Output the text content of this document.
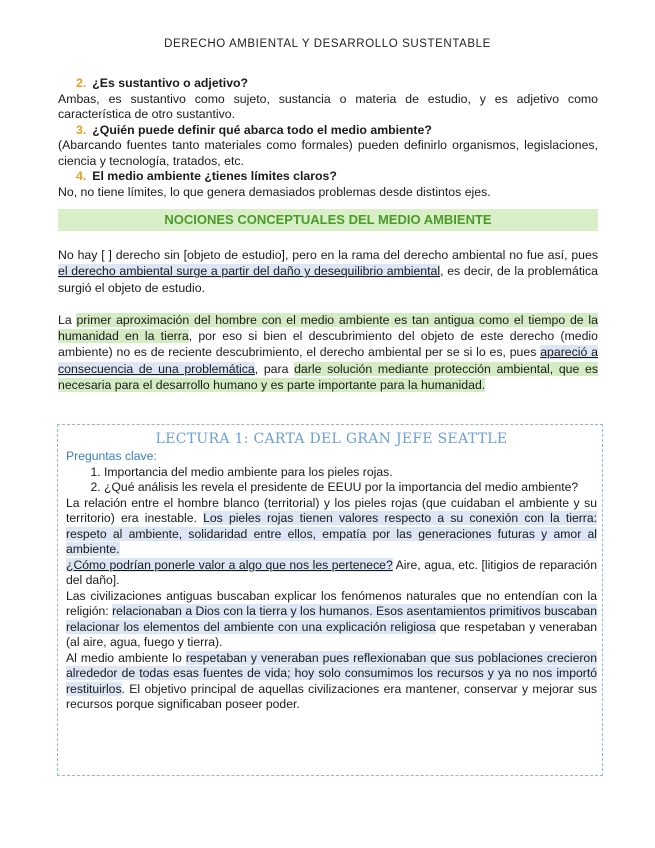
DERECHO AMBIENTAL Y DESARROLLO SUSTENTABLE
2. ¿Es sustantivo o adjetivo?
Ambas, es sustantivo como sujeto, sustancia o materia de estudio, y es adjetivo como característica de otro sustantivo.
3. ¿Quién puede definir qué abarca todo el medio ambiente?
(Abarcando fuentes tanto materiales como formales) pueden definirlo organismos, legislaciones, ciencia y tecnología, tratados, etc.
4. El medio ambiente ¿tienes límites claros?
No, no tiene límites, lo que genera demasiados problemas desde distintos ejes.
NOCIONES CONCEPTUALES DEL MEDIO AMBIENTE
No hay [ ] derecho sin [objeto de estudio], pero en la rama del derecho ambiental no fue así, pues el derecho ambiental surge a partir del daño y desequilibrio ambiental, es decir, de la problemática surgió el objeto de estudio.
La primer aproximación del hombre con el medio ambiente es tan antigua como el tiempo de la humanidad en la tierra, por eso si bien el descubrimiento del objeto de este derecho (medio ambiente) no es de reciente descubrimiento, el derecho ambiental per se si lo es, pues apareció a consecuencia de una problemática, para darle solución mediante protección ambiental, que es necesaria para el desarrollo humano y es parte importante para la humanidad.
LECTURA 1: CARTA DEL GRAN JEFE SEATTLE
Preguntas clave:
1. Importancia del medio ambiente para los pieles rojas.
2. ¿Qué análisis les revela el presidente de EEUU por la importancia del medio ambiente?
La relación entre el hombre blanco (territorial) y los pieles rojas (que cuidaban el ambiente y su territorio) era inestable. Los pieles rojas tienen valores respecto a su conexión con la tierra: respeto al ambiente, solidaridad entre ellos, empatía por las generaciones futuras y amor al ambiente.
¿Cómo podrían ponerle valor a algo que nos les pertenece? Aire, agua, etc. [litigios de reparación del daño].
Las civilizaciones antiguas buscaban explicar los fenómenos naturales que no entendían con la religión: relacionaban a Dios con la tierra y los humanos. Esos asentamientos primitivos buscaban relacionar los elementos del ambiente con una explicación religiosa que respetaban y veneraban (al aire, agua, fuego y tierra).
Al medio ambiente lo respetaban y veneraban pues reflexionaban que sus poblaciones crecieron alrededor de todas esas fuentes de vida; hoy solo consumimos los recursos y ya no nos importó restituirlos. El objetivo principal de aquellas civilizaciones era mantener, conservar y mejorar sus recursos porque significaban poseer poder.
